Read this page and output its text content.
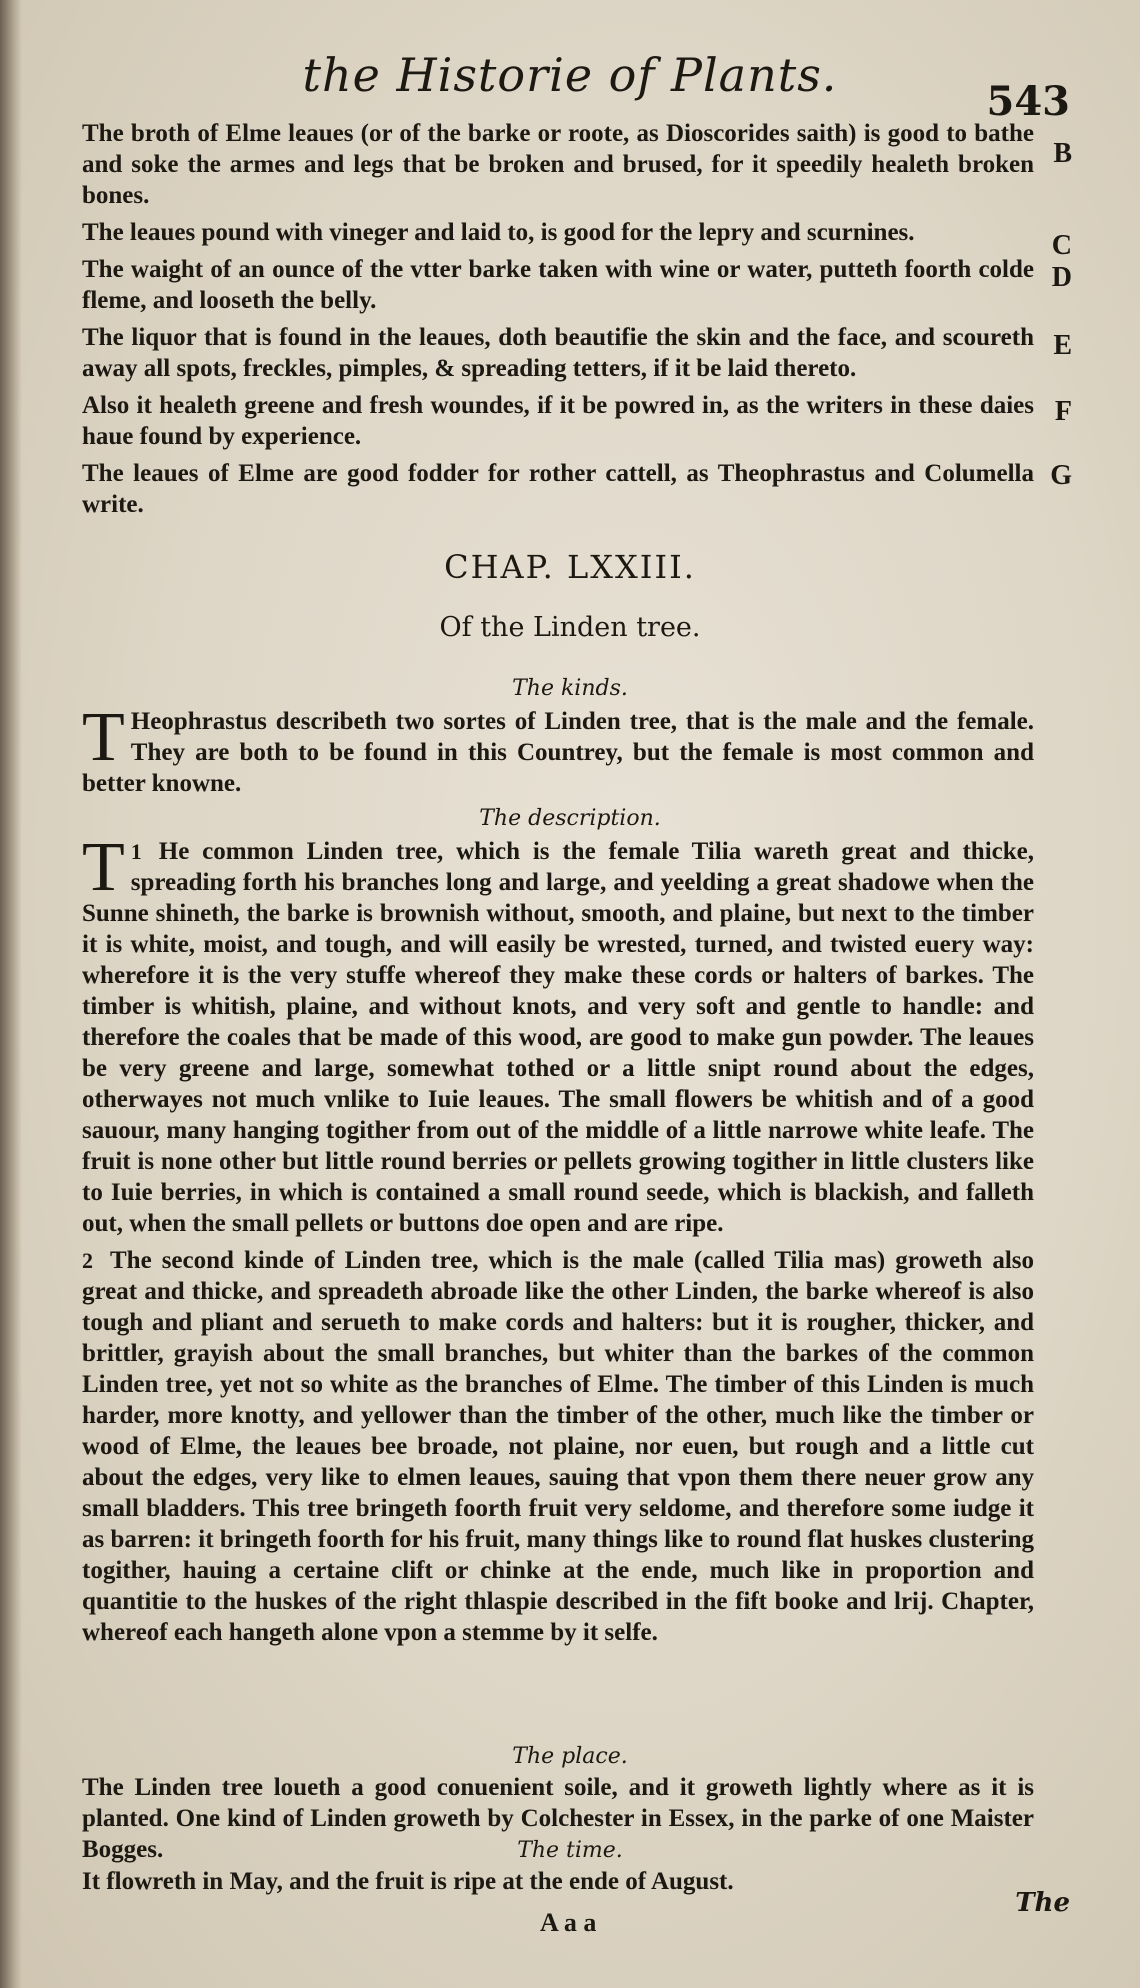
the Historie of Plants.	543

The broth of Elme leaues (or of the barke or roote, as Dioscorides saith) is good to bathe and soke the armes and legs that be broken and brused, for it speedily healeth broken bones.

The leaues pound with vineger and laid to, is good for the lepry and scurnines.

The waight of an ounce of the vtter barke taken with wine or water, putteth foorth colde fleme, and looseth the belly.

The liquor that is found in the leaues, doth beautifie the skin and the face, and scoureth away all spots, freckles, pimples, & spreading tetters, if it be laid thereto.

Also it healeth greene and fresh woundes, if it be powred in, as the writers in these daies haue found by experience.

The leaues of Elme are good fodder for rother cattell, as Theophrastus and Columella write.

B
C
D
E
F
G
CHAP. LXXIII.
Of the Linden tree.
The kinds.

T Heophrastus describeth two sortes of Linden tree, that is the male and the female. They are both to be found in this Countrey, but the female is most common and better knowne.

The description.

1
T He common Linden tree, which is the female Tilia wareth great and thicke, spreading forth his branches long and large, and yeelding a great shadowe when the Sunne shineth, the barke is brownish without, smooth, and plaine, but next to the timber it is white, moist, and tough, and will easily be wrested, turned, and twisted euery way: wherefore it is the very stuffe whereof they make these cords or halters of barkes. The timber is whitish, plaine, and without knots, and very soft and gentle to handle: and therefore the coales that be made of this wood, are good to make gun powder. The leaues be very greene and large, somewhat tothed or a little snipt round about the edges, otherwayes not much vnlike to Iuie leaues. The small flowers be whitish and of a good sauour, many hanging togither from out of the middle of a little narrowe white leafe. The fruit is none other but little round berries or pellets growing togither in little clusters like to Iuie berries, in which is contained a small round seede, which is blackish, and falleth out, when the small pellets or buttons doe open and are ripe.

2 The second kinde of Linden tree, which is the male (called Tilia mas) groweth also great and thicke, and spreadeth abroade like the other Linden, the barke whereof is also tough and pliant and serueth to make cords and halters: but it is rougher, thicker, and brittler, grayish about the small branches, but whiter than the barkes of the common Linden tree, yet not so white as the branches of Elme. The timber of this Linden is much harder, more knotty, and yellower than the timber of the other, much like the timber or wood of Elme, the leaues bee broade, not plaine, nor euen, but rough and a little cut about the edges, very like to elmen leaues, sauing that vpon them there neuer grow any small bladders. This tree bringeth foorth fruit very seldome, and therefore some iudge it as barren: it bringeth foorth for his fruit, many things like to round flat huskes clustering togither, hauing a certaine clift or chinke at the ende, much like in proportion and quantitie to the huskes of the right thlaspie described in the fift booke and lrij. Chapter, whereof each hangeth alone vpon a stemme by it selfe.

The place.
The Linden tree loueth a good conuenient soile, and it groweth lightly where as it is planted. One kind of Linden groweth by Colchester in Essex, in the parke of one Maister Bogges.	The time.
It flowreth in May, and the fruit is ripe at the ende of August.
A a a
The
